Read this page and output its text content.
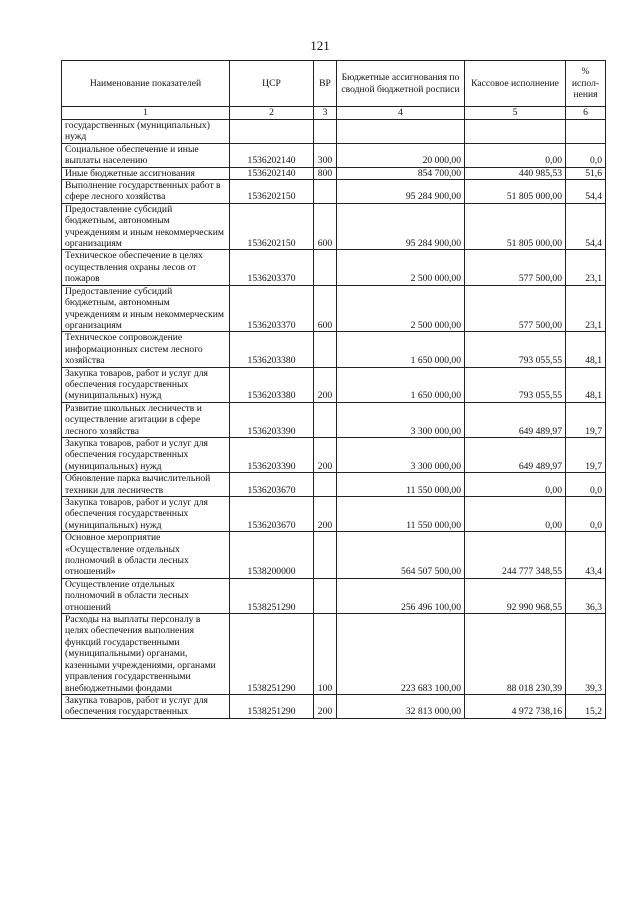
121
Наименование показателей	ЦСР	ВР	Бюджетные ассигнования по сводной бюджетной росписи	Кассовое исполнение	% испол-нения
1	2	3	4	5	6
государственных (муниципальных) нужд					
Социальное обеспечение и иные выплаты населению	1536202140	300	20 000,00	0,00	0,0
Иные бюджетные ассигнования	1536202140	800	854 700,00	440 985,53	51,6
Выполнение государственных работ в сфере лесного хозяйства	1536202150		95 284 900,00	51 805 000,00	54,4
Предоставление субсидий бюджетным, автономным учреждениям и иным некоммерческим организациям	1536202150	600	95 284 900,00	51 805 000,00	54,4
Техническое обеспечение в целях осуществления охраны лесов от пожаров	1536203370		2 500 000,00	577 500,00	23,1
Предоставление субсидий бюджетным, автономным учреждениям и иным некоммерческим организациям	1536203370	600	2 500 000,00	577 500,00	23,1
Техническое сопровождение информационных систем лесного хозяйства	1536203380		1 650 000,00	793 055,55	48,1
Закупка товаров, работ и услуг для обеспечения государственных (муниципальных) нужд	1536203380	200	1 650 000,00	793 055,55	48,1
Развитие школьных лесничеств и осуществление агитации в сфере лесного хозяйства	1536203390		3 300 000,00	649 489,97	19,7
Закупка товаров, работ и услуг для обеспечения государственных (муниципальных) нужд	1536203390	200	3 300 000,00	649 489,97	19,7
Обновление парка вычислительной техники для лесничеств	1536203670		11 550 000,00	0,00	0,0
Закупка товаров, работ и услуг для обеспечения государственных (муниципальных) нужд	1536203670	200	11 550 000,00	0,00	0,0
Основное мероприятие «Осуществление отдельных полномочий в области лесных отношений»	1538200000		564 507 500,00	244 777 348,55	43,4
Осуществление отдельных полномочий в области лесных отношений	1538251290		256 496 100,00	92 990 968,55	36,3
Расходы на выплаты персоналу в целях обеспечения выполнения функций государственными (муниципальными) органами, казенными учреждениями, органами управления государственными внебюджетными фондами	1538251290	100	223 683 100,00	88 018 230,39	39,3
Закупка товаров, работ и услуг для обеспечения государственных	1538251290	200	32 813 000,00	4 972 738,16	15,2
